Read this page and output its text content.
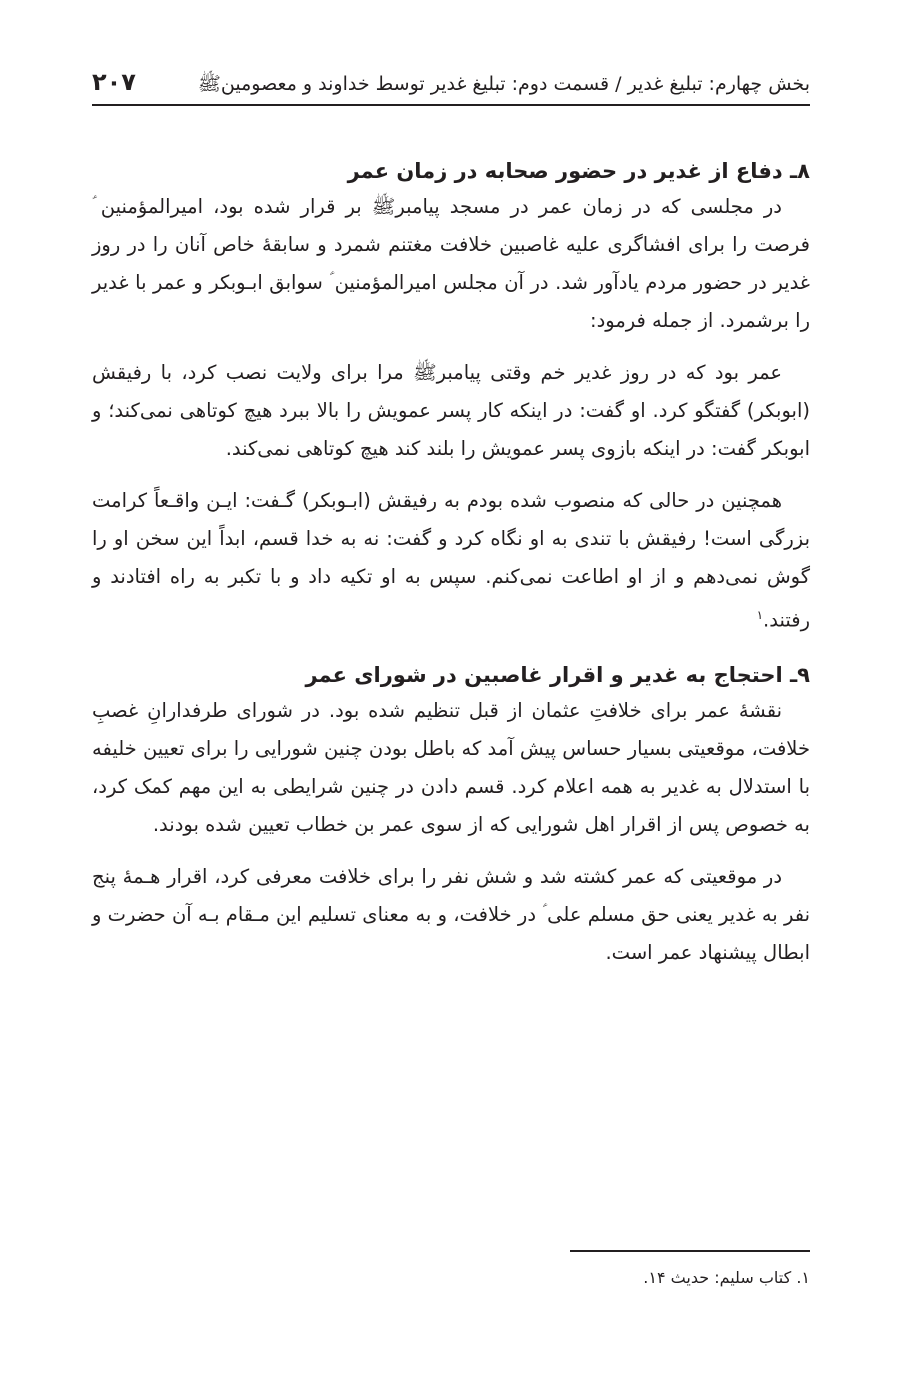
بخش چهارم: تبلیغ غدیر / قسمت دوم: تبلیغ غدیر توسط خداوند و معصومینﷺ
۲۰۷
۸ـ دفاع از غدیر در حضور صحابه در زمان عمر

در مجلسی که در زمان عمر در مسجد پیامبرﷺ بر قرار شده بود، امیرالمؤمنین ؑ فرصت را برای افشاگری علیه غاصبین خلافت مغتنم شمرد و سابقهٔ خاص آنان را در روز غدیر در حضور مردم یادآور شد. در آن مجلس امیرالمؤمنین ؑ سوابق ابـوبکر و عمر با غدیر را برشمرد. از جمله فرمود:

عمر بود که در روز غدیر خم وقتی پیامبرﷺ مرا برای ولایت نصب کرد، با رفیقش (ابوبکر) گفتگو کرد. او گفت: در اینکه کار پسر عمویش را بالا ببرد هیچ کوتاهی نمی‌کند؛ و ابوبکر گفت: در اینکه بازوی پسر عمویش را بلند کند هیچ کوتاهی نمی‌کند.

همچنین در حالی که منصوب شده بودم به رفیقش (ابـوبکر) گـفت: ایـن واقـعاً کرامت بزرگی است! رفیقش با تندی به او نگاه کرد و گفت: نه به خدا قسم، ابداً این سخن او را گوش نمی‌دهم و از او اطاعت نمی‌کنم. سپس به او تکیه داد و با تکبر به راه افتادند و رفتند.$^۱$

۹ـ احتجاج به غدیر و اقرار غاصبین در شورای عمر

نقشهٔ عمر برای خلافتِ عثمان از قبل تنظیم شده بود. در شورای طرفدارانِ غصبِ خلافت، موقعیتی بسیار حساس پیش آمد که باطل بودن چنین شورایی را برای تعیین خلیفه با استدلال به غدیر به همه اعلام کرد. قسم دادن در چنین شرایطی به این مهم کمک کرد، به خصوص پس از اقرار اهل شورایی که از سوی عمر بن خطاب تعیین شده بودند.

در موقعیتی که عمر کشته شد و شش نفر را برای خلافت معرفی کرد، اقرار هـمهٔ پنج نفر به غدیر یعنی حق مسلم علی ؑ در خلافت، و به معنای تسلیم این مـقام بـه آن حضرت و ابطال پیشنهاد عمر است.

۱. کتاب سلیم: حدیث ۱۴.
